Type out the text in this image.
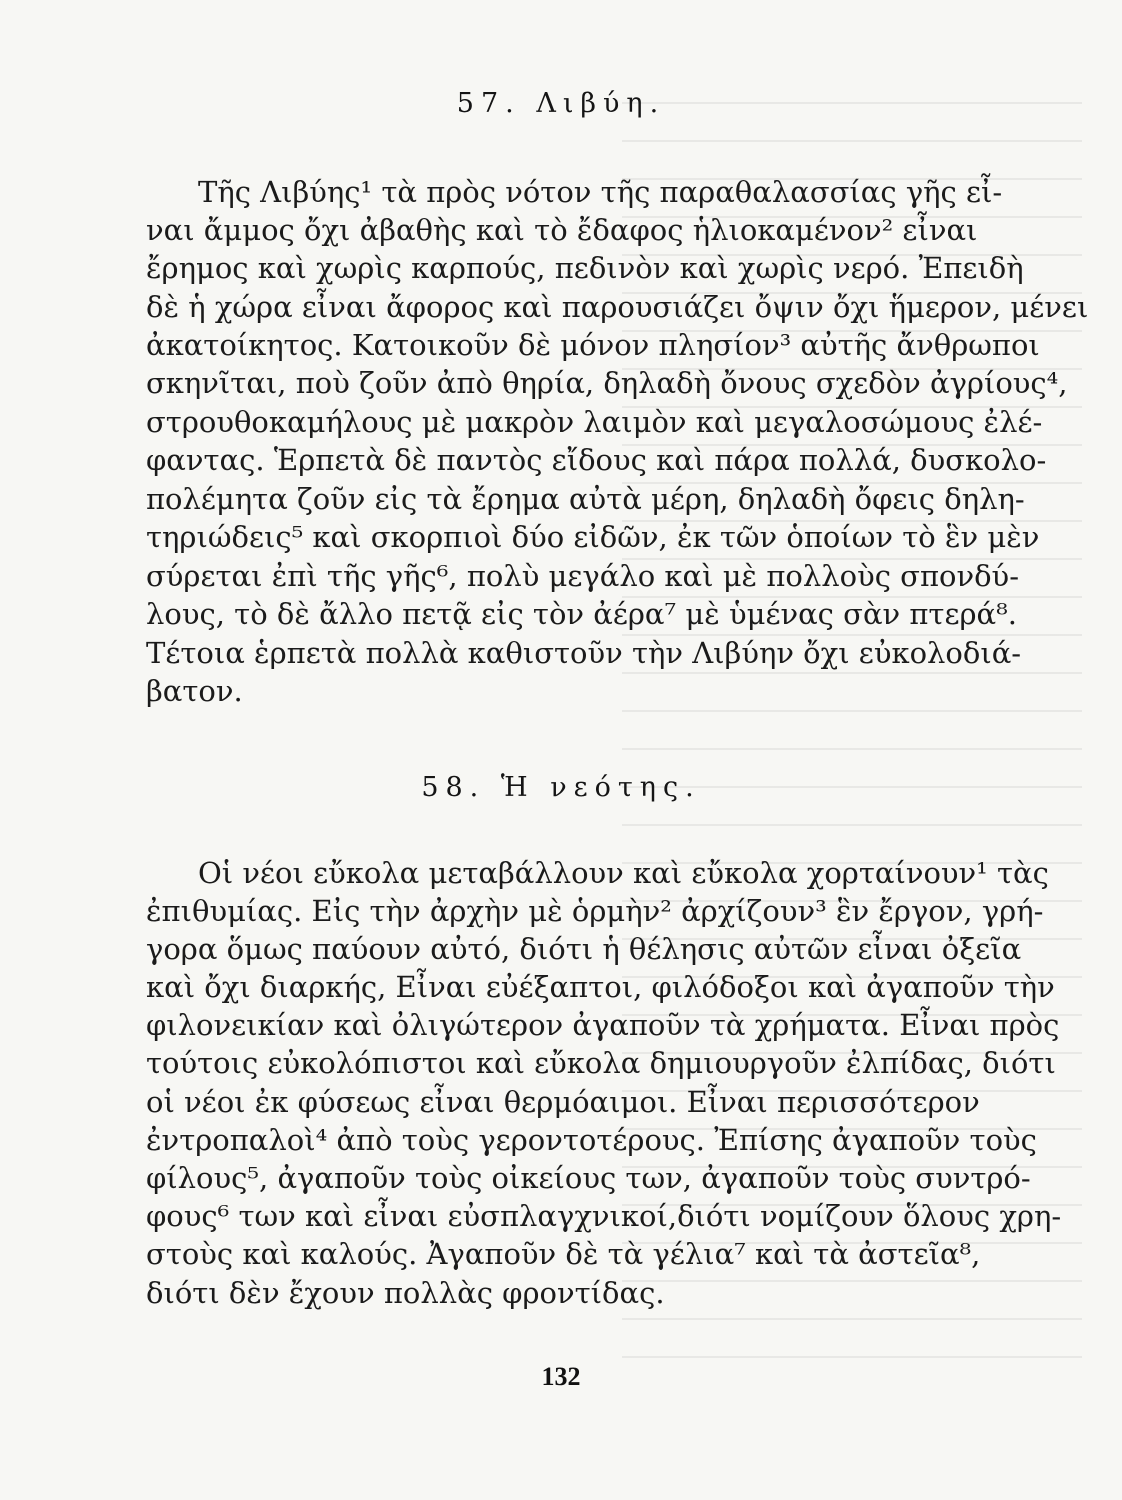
57. Λιβύη.
Τῆς Λιβύης¹ τὰ πρὸς νότον τῆς παραθαλασσίας γῆς εἶ-
ναι ἄμμος ὄχι ἀβαθὴς καὶ τὸ ἔδαφος ἡλιοκαμένον² εἶναι
ἔρημος καὶ χωρὶς καρπούς, πεδινὸν καὶ χωρὶς νερό. Ἐπειδὴ
δὲ ἡ χώρα εἶναι ἄφορος καὶ παρουσιάζει ὄψιν ὄχι ἥμερον, μένει
ἀκατοίκητος. Κατοικοῦν δὲ μόνον πλησίον³ αὐτῆς ἄνθρωποι
σκηνῖται, ποὺ ζοῦν ἀπὸ θηρία, δηλαδὴ ὄνους σχεδὸν ἀγρίους⁴,
στρουθοκαμήλους μὲ μακρὸν λαιμὸν καὶ μεγαλοσώμους ἐλέ-
φαντας. Ἑρπετὰ δὲ παντὸς εἴδους καὶ πάρα πολλά, δυσκολο-
πολέμητα ζοῦν εἰς τὰ ἔρημα αὐτὰ μέρη, δηλαδὴ ὄφεις δηλη-
τηριώδεις⁵ καὶ σκορπιοὶ δύο εἰδῶν, ἐκ τῶν ὁποίων τὸ ἓν μὲν
σύρεται ἐπὶ τῆς γῆς⁶, πολὺ μεγάλο καὶ μὲ πολλοὺς σπονδύ-
λους, τὸ δὲ ἄλλο πετᾷ εἰς τὸν ἀέρα⁷ μὲ ὑμένας σὰν πτερά⁸.
Τέτοια ἑρπετὰ πολλὰ καθιστοῦν τὴν Λιβύην ὄχι εὐκολοδιά-
βατον.
58. Ἡ νεότης.
Οἱ νέοι εὔκολα μεταβάλλουν καὶ εὔκολα χορταίνουν¹ τὰς
ἐπιθυμίας. Εἰς τὴν ἀρχὴν μὲ ὁρμὴν² ἀρχίζουν³ ἓν ἔργον, γρή-
γορα ὅμως παύουν αὐτό, διότι ἡ θέλησις αὐτῶν εἶναι ὀξεῖα
καὶ ὄχι διαρκής, Εἶναι εὐέξαπτοι, φιλόδοξοι καὶ ἀγαποῦν τὴν
φιλονεικίαν καὶ ὀλιγώτερον ἀγαποῦν τὰ χρήματα. Εἶναι πρὸς
τούτοις εὐκολόπιστοι καὶ εὔκολα δημιουργοῦν ἐλπίδας, διότι
οἱ νέοι ἐκ φύσεως εἶναι θερμόαιμοι. Εἶναι περισσότερον
ἐντροπαλοὶ⁴ ἀπὸ τοὺς γεροντοτέρους. Ἐπίσης ἀγαποῦν τοὺς
φίλους⁵, ἀγαποῦν τοὺς οἰκείους των, ἀγαποῦν τοὺς συντρό-
φους⁶ των καὶ εἶναι εὐσπλαγχνικοί,διότι νομίζουν ὅλους χρη-
στοὺς καὶ καλούς. Ἀγαποῦν δὲ τὰ γέλια⁷ καὶ τὰ ἀστεῖα⁸,
διότι δὲν ἔχουν πολλὰς φροντίδας.
132
